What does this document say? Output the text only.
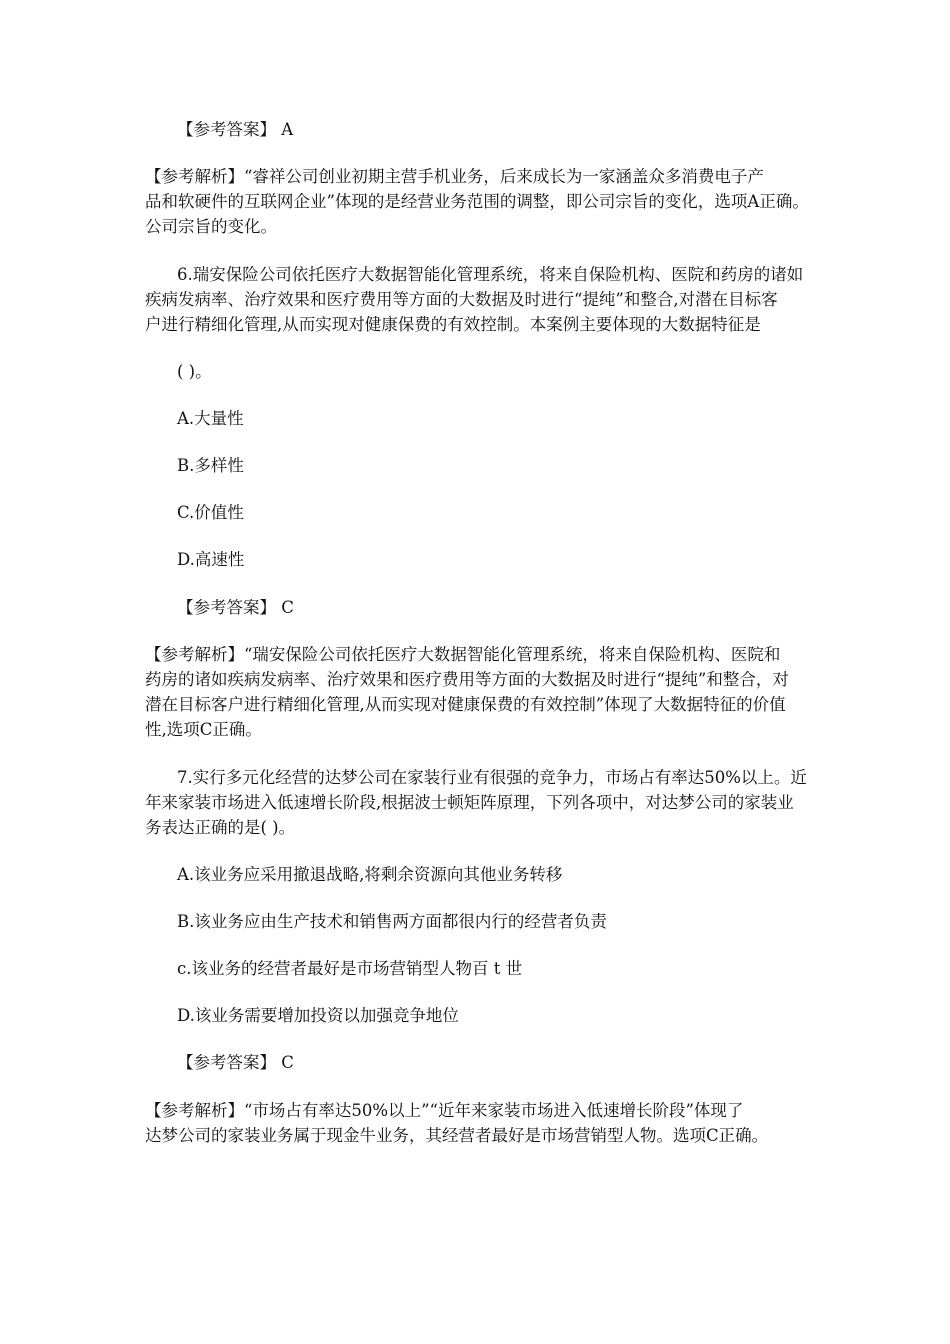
【参考答案】 A
【参考解析】“睿祥公司创业初期主营手机业务，后来成长为一家涵盖众多消费电子产
品和软硬件的互联网企业”体现的是经营业务范围的调整，即公司宗旨的变化，选项A正确。
公司宗旨的变化。
6.瑞安保险公司依托医疗大数据智能化管理系统，将来自保险机构、医院和药房的诸如
疾病发病率、治疗效果和医疗费用等方面的大数据及时进行“提纯”和整合,对潜在目标客
户进行精细化管理,从而实现对健康保费的有效控制。本案例主要体现的大数据特征是
( )。
A.大量性
B.多样性
C.价值性
D.高速性
【参考答案】 C
【参考解析】“瑞安保险公司依托医疗大数据智能化管理系统，将来自保险机构、医院和
药房的诸如疾病发病率、治疗效果和医疗费用等方面的大数据及时进行“提纯”和整合，对
潜在目标客户进行精细化管理,从而实现对健康保费的有效控制”体现了大数据特征的价值
性,选项C正确。
7.实行多元化经营的达梦公司在家装行业有很强的竞争力，市场占有率达50%以上。近
年来家装市场进入低速增长阶段,根据波士顿矩阵原理，下列各项中，对达梦公司的家装业
务表达正确的是( )。
A.该业务应采用撤退战略,将剩余资源向其他业务转移
B.该业务应由生产技术和销售两方面都很内行的经营者负责
c.该业务的经营者最好是市场营销型人物百 t 世
D.该业务需要增加投资以加强竞争地位
【参考答案】 C
【参考解析】“市场占有率达50%以上”“近年来家装市场进入低速增长阶段”体现了
达梦公司的家装业务属于现金牛业务，其经营者最好是市场营销型人物。选项C正确。
